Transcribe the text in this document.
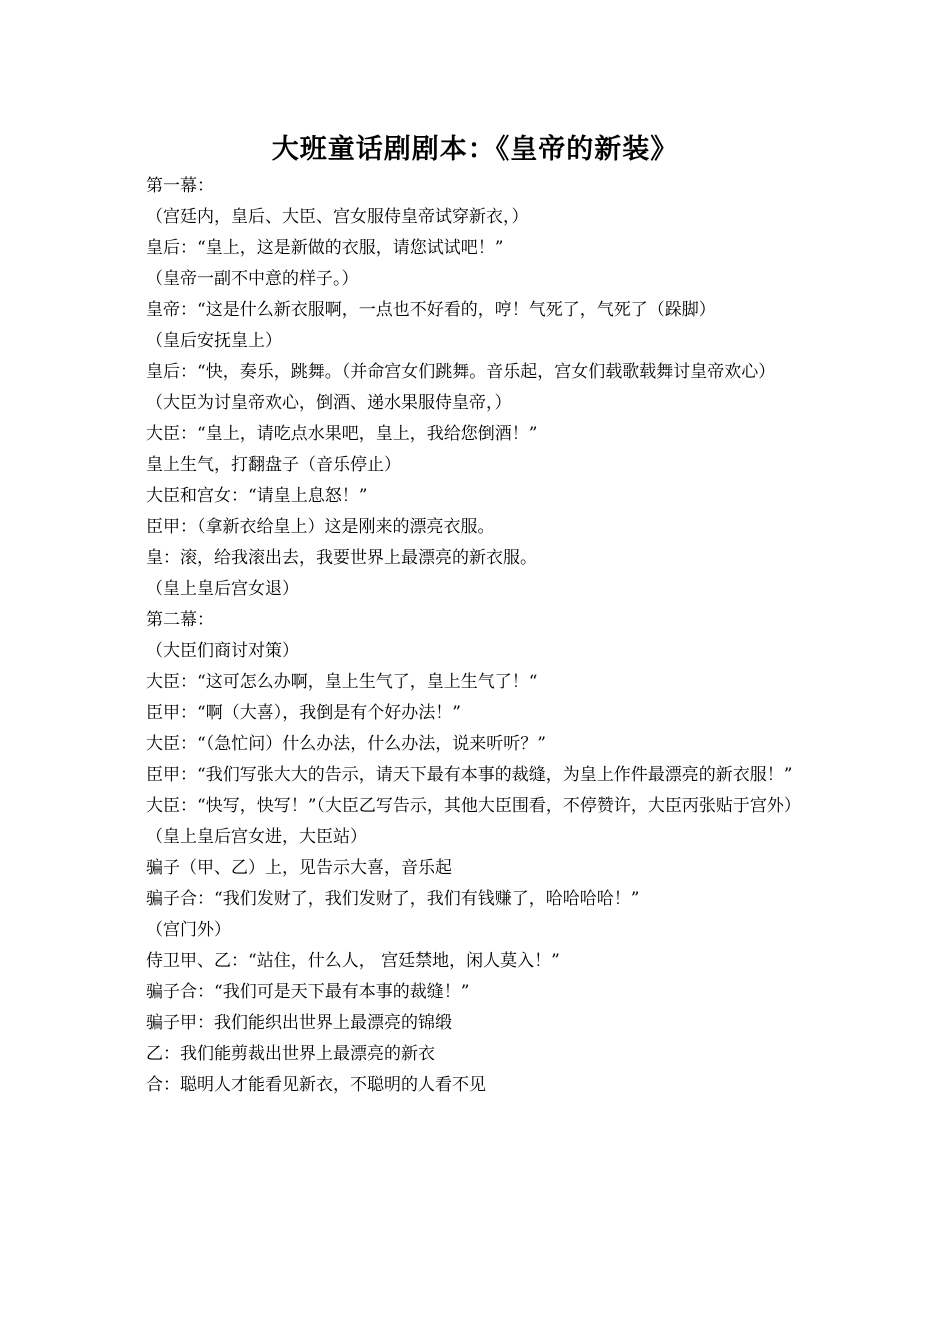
大班童话剧剧本：《皇帝的新装》

第一幕：

（宫廷内，皇后、大臣、宫女服侍皇帝试穿新衣，）

皇后：“皇上，这是新做的衣服，请您试试吧！”

（皇帝一副不中意的样子。）

皇帝：“这是什么新衣服啊，一点也不好看的，哼！气死了，气死了（跺脚）

（皇后安抚皇上）

皇后：“快，奏乐，跳舞。（并命宫女们跳舞。音乐起，宫女们载歌载舞讨皇帝欢心）

（大臣为讨皇帝欢心，倒酒、递水果服侍皇帝，）

大臣：“皇上，请吃点水果吧，皇上，我给您倒酒！”

皇上生气，打翻盘子（音乐停止）

大臣和宫女：“请皇上息怒！”

臣甲：（拿新衣给皇上）这是刚来的漂亮衣服。

皇：滚，给我滚出去，我要世界上最漂亮的新衣服。

（皇上皇后宫女退）

第二幕：

（大臣们商讨对策）

大臣：“这可怎么办啊，皇上生气了，皇上生气了！“

臣甲：“啊（大喜），我倒是有个好办法！”

大臣：“（急忙问）什么办法，什么办法，说来听听？”

臣甲：“我们写张大大的告示，请天下最有本事的裁缝，为皇上作件最漂亮的新衣服！”

大臣：“快写，快写！”（大臣乙写告示，其他大臣围看，不停赞许，大臣丙张贴于宫外）

（皇上皇后宫女进，大臣站）

骗子（甲、乙）上，见告示大喜，音乐起

骗子合：“我们发财了，我们发财了，我们有钱赚了，哈哈哈哈！”

（宫门外）

侍卫甲、乙：“站住，什么人， 宫廷禁地，闲人莫入！”

骗子合：“我们可是天下最有本事的裁缝！”

骗子甲：我们能织出世界上最漂亮的锦缎

乙：我们能剪裁出世界上最漂亮的新衣

合：聪明人才能看见新衣，不聪明的人看不见
